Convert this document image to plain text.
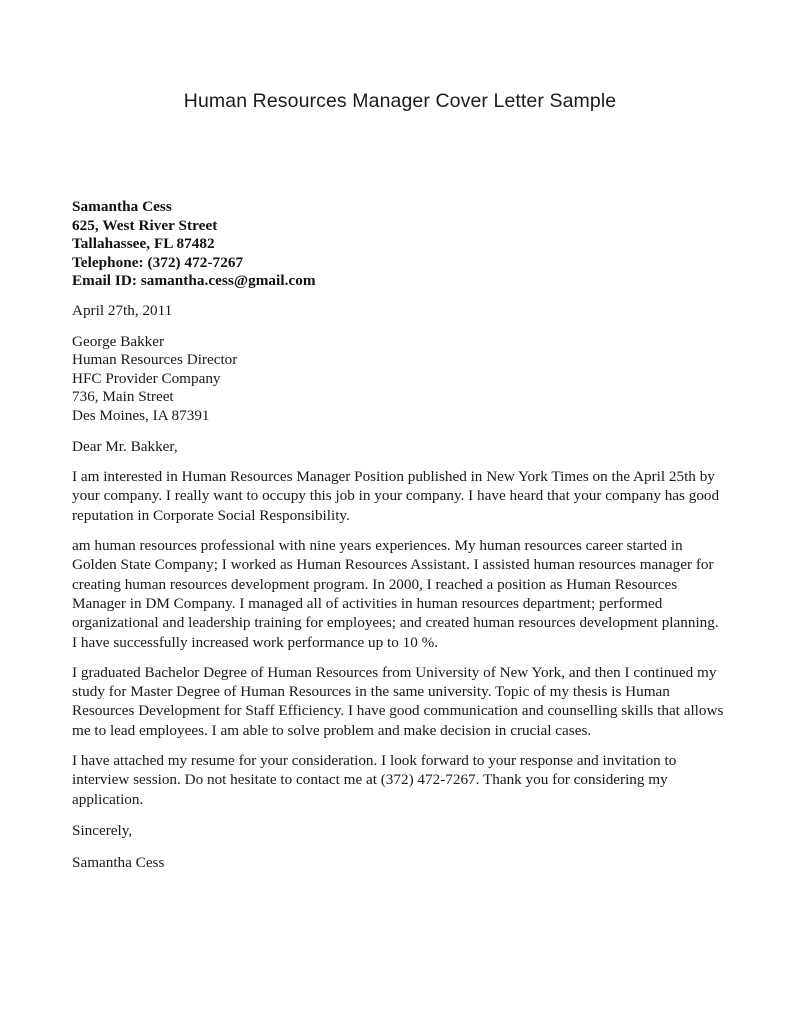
Human Resources Manager Cover Letter Sample
Samantha Cess
625, West River Street
Tallahassee, FL 87482
Telephone: (372) 472-7267
Email ID: samantha.cess@gmail.com
April 27th, 2011
George Bakker
Human Resources Director
HFC Provider Company
736, Main Street
Des Moines, IA 87391
Dear Mr. Bakker,
I am interested in Human Resources Manager Position published in New York Times on the April 25th by your company. I really want to occupy this job in your company. I have heard that your company has good reputation in Corporate Social Responsibility.
am human resources professional with nine years experiences. My human resources career started in Golden State Company; I worked as Human Resources Assistant. I assisted human resources manager for creating human resources development program. In 2000, I reached a position as Human Resources Manager in DM Company. I managed all of activities in human resources department; performed organizational and leadership training for employees; and created human resources development planning. I have successfully increased work performance up to 10 %.
I graduated Bachelor Degree of Human Resources from University of New York, and then I continued my study for Master Degree of Human Resources in the same university. Topic of my thesis is Human Resources Development for Staff Efficiency. I have good communication and counselling skills that allows me to lead employees. I am able to solve problem and make decision in crucial cases.
I have attached my resume for your consideration. I look forward to your response and invitation to interview session. Do not hesitate to contact me at (372) 472-7267. Thank you for considering my application.
Sincerely,
Samantha Cess
